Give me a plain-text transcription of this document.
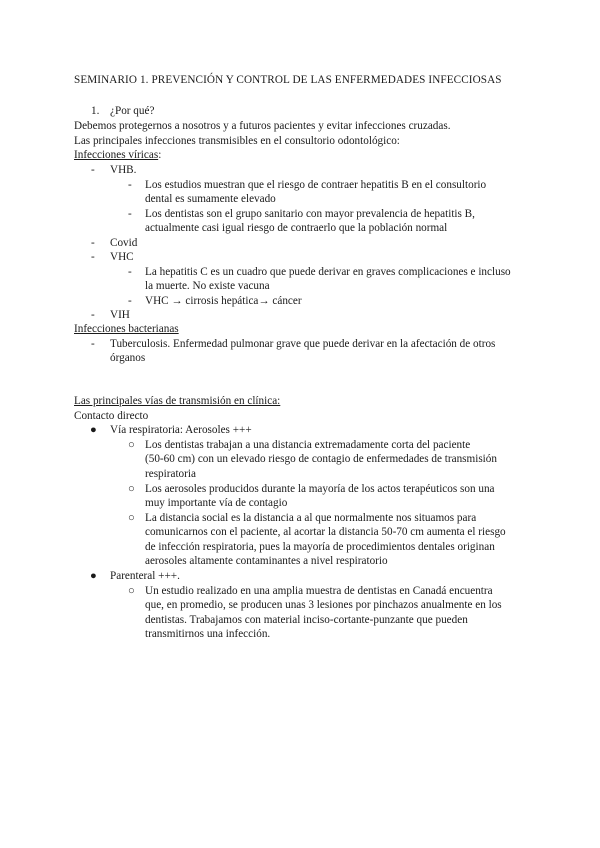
SEMINARIO 1. PREVENCIÓN Y CONTROL DE LAS ENFERMEDADES INFECCIOSAS
1. ¿Por qué?
Debemos protegernos a nosotros y a futuros pacientes y evitar infecciones cruzadas.
Las principales infecciones transmisibles en el consultorio odontológico:
Infecciones víricas:
- VHB.
- Los estudios muestran que el riesgo de contraer hepatitis B en el consultorio
dental es sumamente elevado
- Los dentistas son el grupo sanitario con mayor prevalencia de hepatitis B,
actualmente casi igual riesgo de contraerlo que la población normal
- Covid
- VHC
- La hepatitis C es un cuadro que puede derivar en graves complicaciones e incluso
la muerte. No existe vacuna
- VHC → cirrosis hepática→ cáncer
- VIH
Infecciones bacterianas
- Tuberculosis. Enfermedad pulmonar grave que puede derivar en la afectación de otros
órganos
Las principales vías de transmisión en clínica:
Contacto directo
● Vía respiratoria: Aerosoles +++
○ Los dentistas trabajan a una distancia extremadamente corta del paciente
(50-60 cm) con un elevado riesgo de contagio de enfermedades de transmisión
respiratoria
○ Los aerosoles producidos durante la mayoría de los actos terapéuticos son una
muy importante vía de contagio
○ La distancia social es la distancia a al que normalmente nos situamos para
comunicarnos con el paciente, al acortar la distancia 50-70 cm aumenta el riesgo
de infección respiratoria, pues la mayoría de procedimientos dentales originan
aerosoles altamente contaminantes a nivel respiratorio
● Parenteral +++.
○ Un estudio realizado en una amplia muestra de dentistas en Canadá encuentra
que, en promedio, se producen unas 3 lesiones por pinchazos anualmente en los
dentistas. Trabajamos con material inciso-cortante-punzante que pueden
transmitirnos una infección.
